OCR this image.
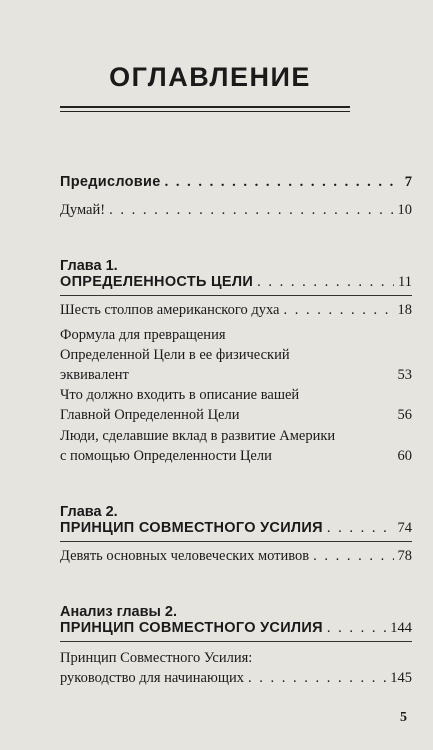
ОГЛАВЛЕНИЕ
Предисловие . . .	7
Думай! . . .	10
Глава 1.
ОПРЕДЕЛЕННОСТЬ ЦЕЛИ . . .	11
Шесть столпов американского духа . . .	18
Формула для превращения
Определенной Цели в ее физический
эквивалент	53
Что должно входить в описание вашей
Главной Определенной Цели	56
Люди, сделавшие вклад в развитие Америки
с помощью Определенности Цели	60
Глава 2.
ПРИНЦИП СОВМЕСТНОГО УСИЛИЯ . . .	74
Девять основных человеческих мотивов . . .	78
Анализ главы 2.
ПРИНЦИП СОВМЕСТНОГО УСИЛИЯ . . .	144
Принцип Совместного Усилия:
руководство для начинающих . . .	145
5
